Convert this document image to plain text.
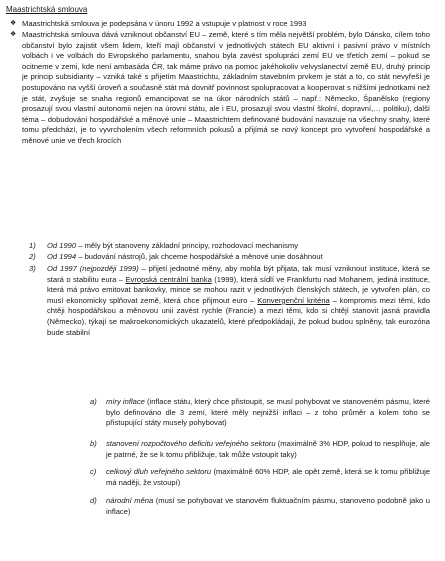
Maastrichtská smlouva
❖ Maastrichtská smlouva je podepsána v únoru 1992 a vstupuje v platnost v roce 1993
❖ Maastrichtská smlouva dává vzniknout občanství EU – země, které s tím měla největší problém, bylo Dánsko, cílem toho občanství bylo zajistit všem lidem, kteří mají občanství v jednotlivých státech EU aktivní i pasivní právo v místních volbách i ve volbách do Evropského parlamentu, snahou byla zavést spolupráci zemí EU ve třetích zemí – pokud se ocitneme v zemi, kde není ambasáda ČR, tak máme právo na pomoc jakéhokoliv velvyslanectví země EU, druhý princip je princip subsidiarity – vzniká také s přijetím Maastrichtu, základním stavebním prvkem je stát a to, co stát nevyřeší je postupováno na vyšší úroveň a současně stát má dovnitř povinnost spolupracovat a kooperovat s nižšími jednotkami než je stát, zvyšuje se snaha regionů emancipovat se na úkor národních států – např.: Německo, Španělsko (regiony prosazují svou vlastní autonomii nejen na úrovni státu, ale i EU, prosazují svou vlastní školní, dopravní,… politiku), další téma – dobudování hospodářské a měnové unie – Maastrichtem definované budování navazuje na všechny snahy, které tomu předchází, je to vyvrcholením všech reformních pokusů a přijímá se nový koncept pro vytvoření hospodářské a měnové unie ve třech krocích
1) Od 1990 – měly být stanoveny základní principy, rozhodovací mechanismy
2) Od 1994 – budování nástrojů, jak chceme hospodářské a měnové unie dosáhnout
3) Od 1997 (nejpozději 1999) – přijetí jednotné měny, aby mohla být přijata, tak musí vzniknout instituce, která se stará o stabilitu eura – Evropská centrální banka (1999), která sídlí ve Frankfurtu nad Mohanem, jediná instituce, která má právo emitovat bankovky, mince se mohou razit v jednotlivých členských státech, je vytvořen plán, co musí ekonomicky splňovat země, která chce přijmout euro – Konvergenční kritéria – kompromis mezi těmi, kdo chtěji hospodářskou a měnovou unii zavést rychle (Francie) a mezi těmi, kdo si chtějí stanovit jasná pravidla (Německo), týkají se makroekonomických ukazatelů, které předpokládají, že pokud budou splněny, tak eurozóna bude stabilní
a) míry inflace (inflace státu, který chce přistoupit, se musí pohybovat ve stanoveném pásmu, které bylo definováno dle 3 zemí, které měly nejnižší inflaci – z toho průměr a kolem toho se přistupující státy musely pohybovat)
b) stanovení rozpočtového deficitu veřejného sektoru (maximálně 3% HDP, pokud to nesplňuje, ale je patrné, že se k tomu přibližuje, tak může vstoupit taky)
c) celkový dluh veřejného sektoru (maximálně 60% HDP, ale opět země, která se k tomu přibližuje má naději, že vstoupí)
d) národní měna (musí se pohybovat ve stanovém fluktuačním pásmu, stanoveno podobně jako u inflace)
